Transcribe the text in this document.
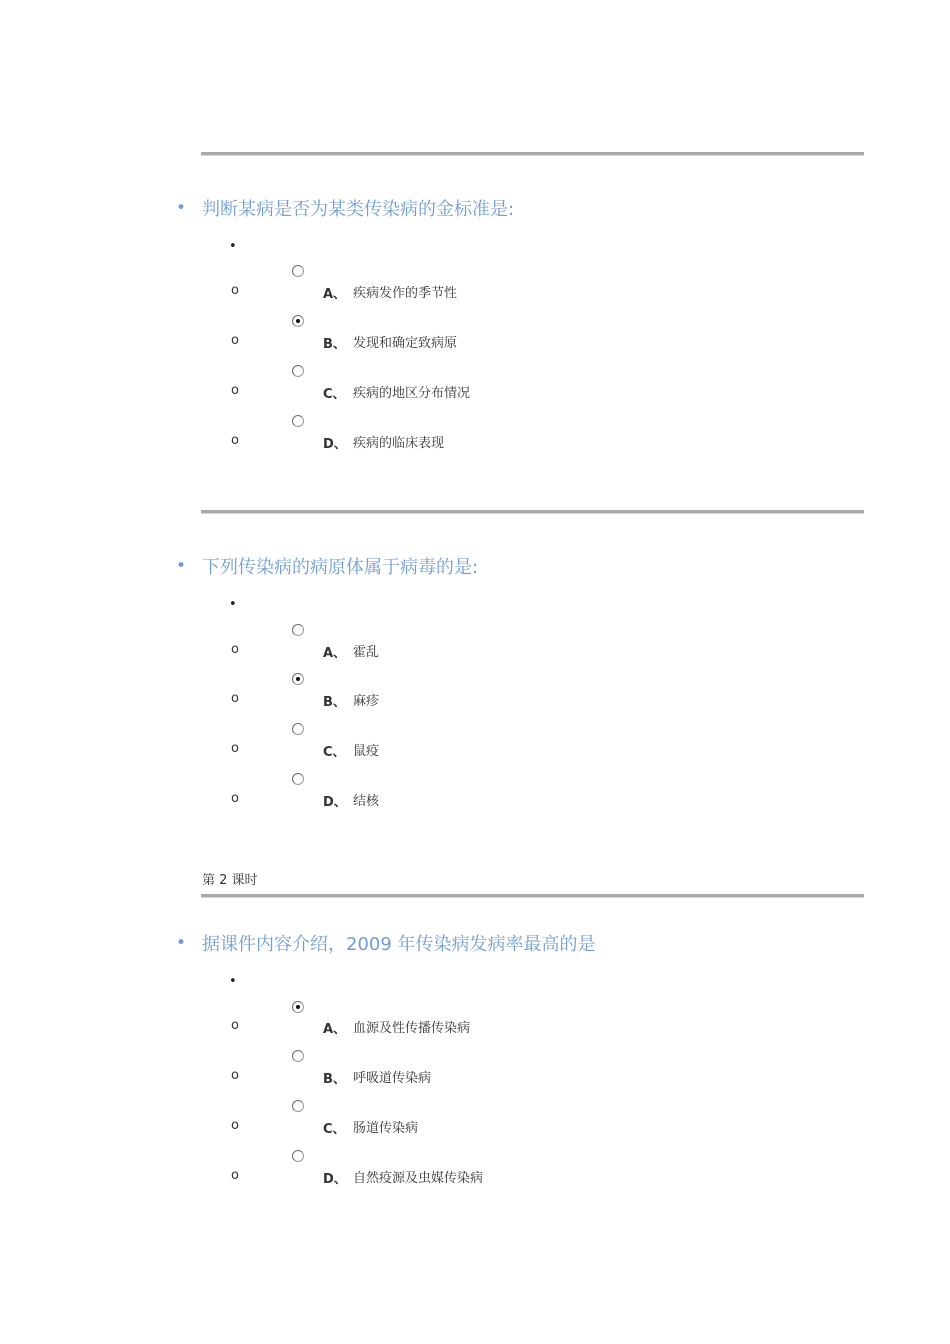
• 判断某病是否为某类传染病的金标准是:
•
o	A、 疾病发作的季节性
o	B、 发现和确定致病原
o	C、 疾病的地区分布情况
o	D、 疾病的临床表现
• 下列传染病的病原体属于病毒的是:
•
o	A、 霍乱
o	B、 麻疹
o	C、 鼠疫
o	D、 结核
第 2 课时
• 据课件内容介绍，2009 年传染病发病率最高的是
•
o	A、 血源及性传播传染病
o	B、 呼吸道传染病
o	C、 肠道传染病
o	D、 自然疫源及虫媒传染病
